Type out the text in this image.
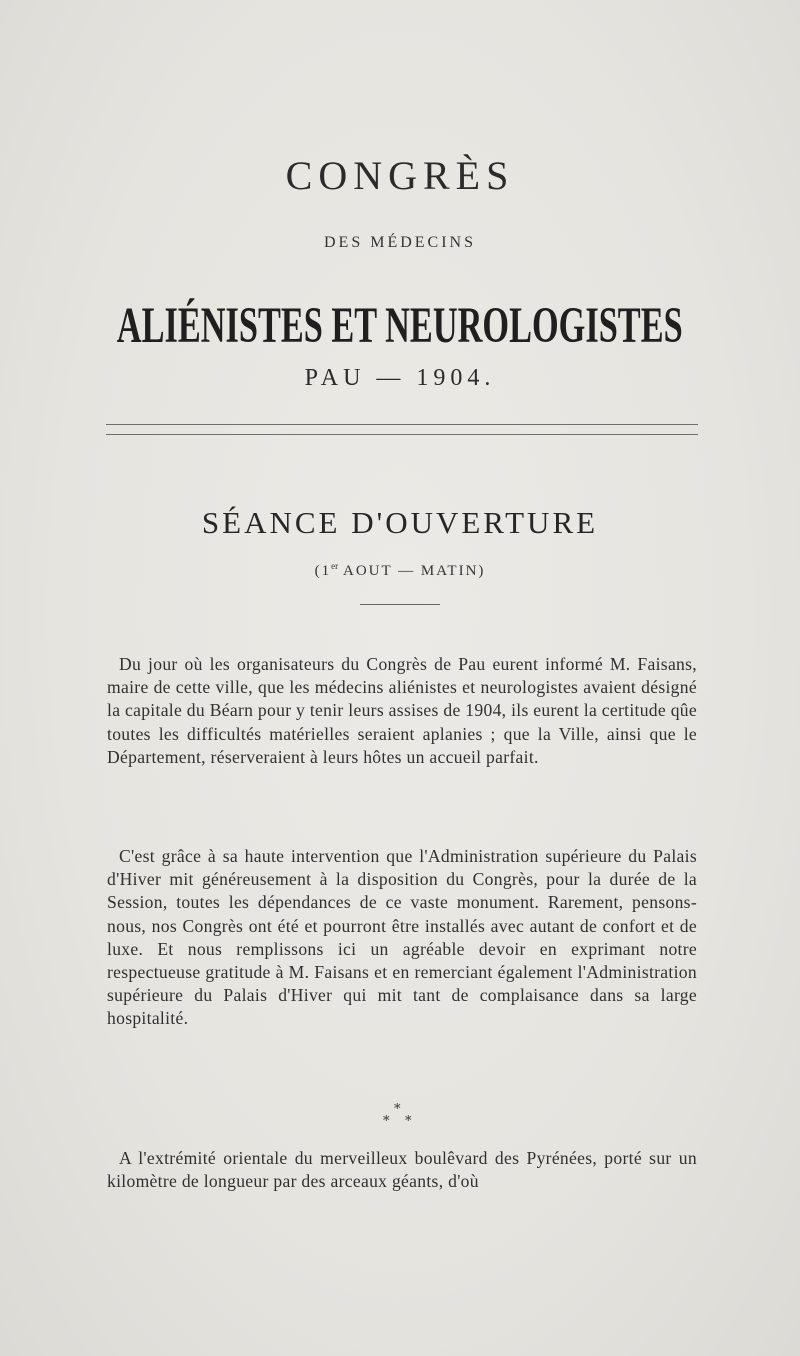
CONGRÈS
DES MÉDECINS
ALIÉNISTES ET NEUROLOGISTES
PAU — 1904.
SÉANCE D'OUVERTURE
(1er AOUT — MATIN)

Du jour où les organisateurs du Congrès de Pau eurent informé M. Faisans, maire de cette ville, que les médecins aliénistes et neurologistes avaient désigné la capitale du Béarn pour y tenir leurs assises de 1904, ils eurent la certitude qûe toutes les difficultés matérielles seraient aplanies ; que la Ville, ainsi que le Département, réserveraient à leurs hôtes un accueil parfait.

C'est grâce à sa haute intervention que l'Administration supérieure du Palais d'Hiver mit généreusement à la disposition du Congrès, pour la durée de la Session, toutes les dépendances de ce vaste monument. Rarement, pensons-nous, nos Congrès ont été et pourront être installés avec autant de confort et de luxe. Et nous remplissons ici un agréable devoir en exprimant notre respectueuse gratitude à M. Faisans et en remerciant également l'Administration supérieure du Palais d'Hiver qui mit tant de complaisance dans sa large hospitalité.

*
* *

A l'extrémité orientale du merveilleux boulêvard des Pyrénées, porté sur un kilomètre de longueur par des arceaux géants, d'où
